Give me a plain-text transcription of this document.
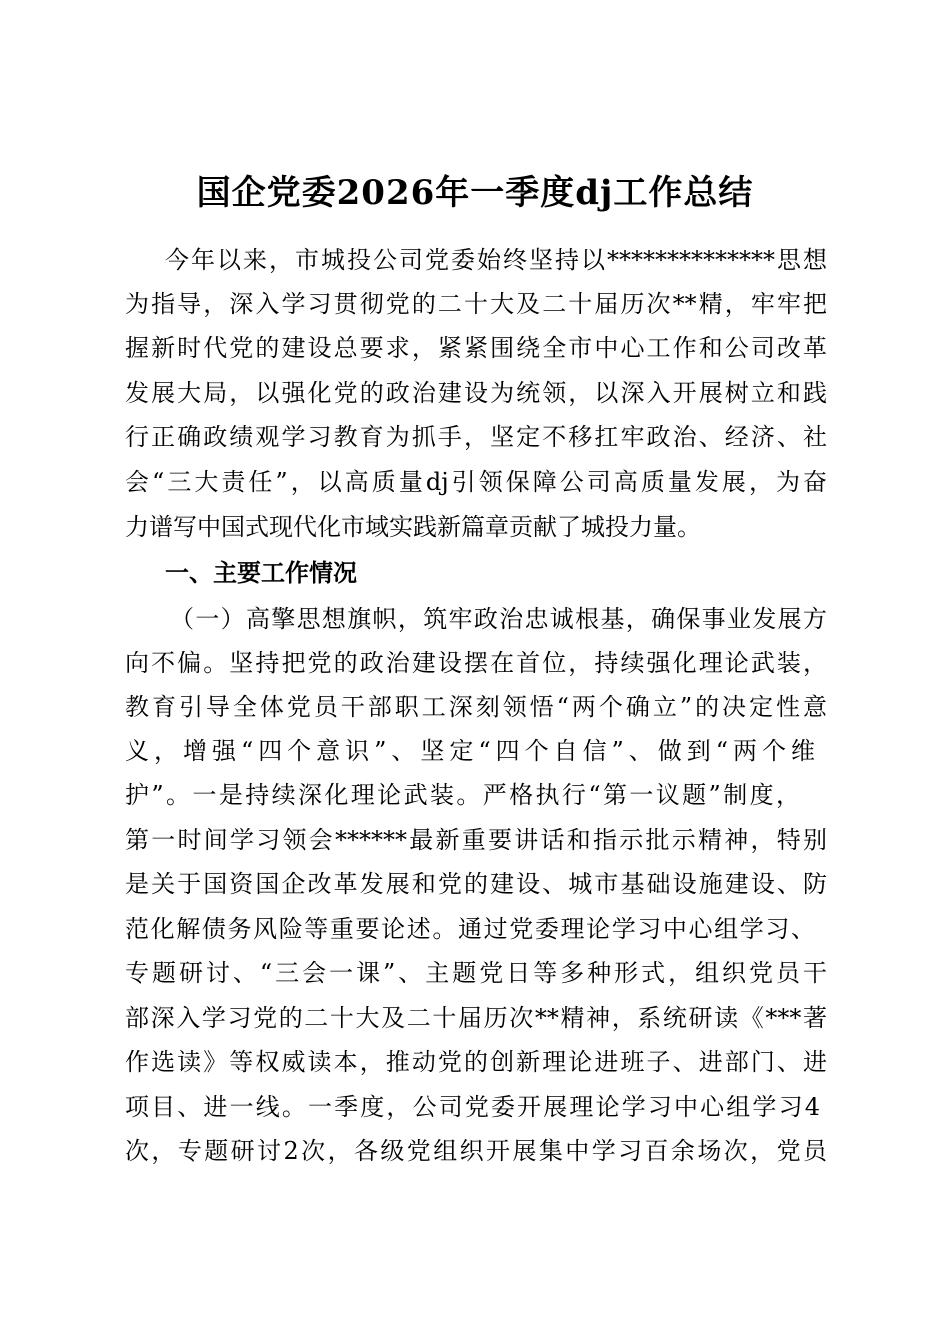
国企党委2026年一季度dj工作总结
今年以来，市城投公司党委始终坚持以**************思想
为指导，深入学习贯彻党的二十大及二十届历次**精，牢牢把
握新时代党的建设总要求，紧紧围绕全市中心工作和公司改革
发展大局，以强化党的政治建设为统领，以深入开展树立和践
行正确政绩观学习教育为抓手，坚定不移扛牢政治、经济、社
会“三大责任”，以高质量dj引领保障公司高质量发展，为奋
力谱写中国式现代化市域实践新篇章贡献了城投力量。
一、主要工作情况
（一）高擎思想旗帜，筑牢政治忠诚根基，确保事业发展方
向不偏。坚持把党的政治建设摆在首位，持续强化理论武装，
教育引导全体党员干部职工深刻领悟“两个确立”的决定性意
义，增强“四个意识”、坚定“四个自信”、做到“两个维
护”。一是持续深化理论武装。严格执行“第一议题”制度，
第一时间学习领会******最新重要讲话和指示批示精神，特别
是关于国资国企改革发展和党的建设、城市基础设施建设、防
范化解债务风险等重要论述。通过党委理论学习中心组学习、
专题研讨、“三会一课”、主题党日等多种形式，组织党员干
部深入学习党的二十大及二十届历次**精神，系统研读《***著
作选读》等权威读本，推动党的创新理论进班子、进部门、进
项目、进一线。一季度，公司党委开展理论学习中心组学习4
次，专题研讨2次，各级党组织开展集中学习百余场次，党员
